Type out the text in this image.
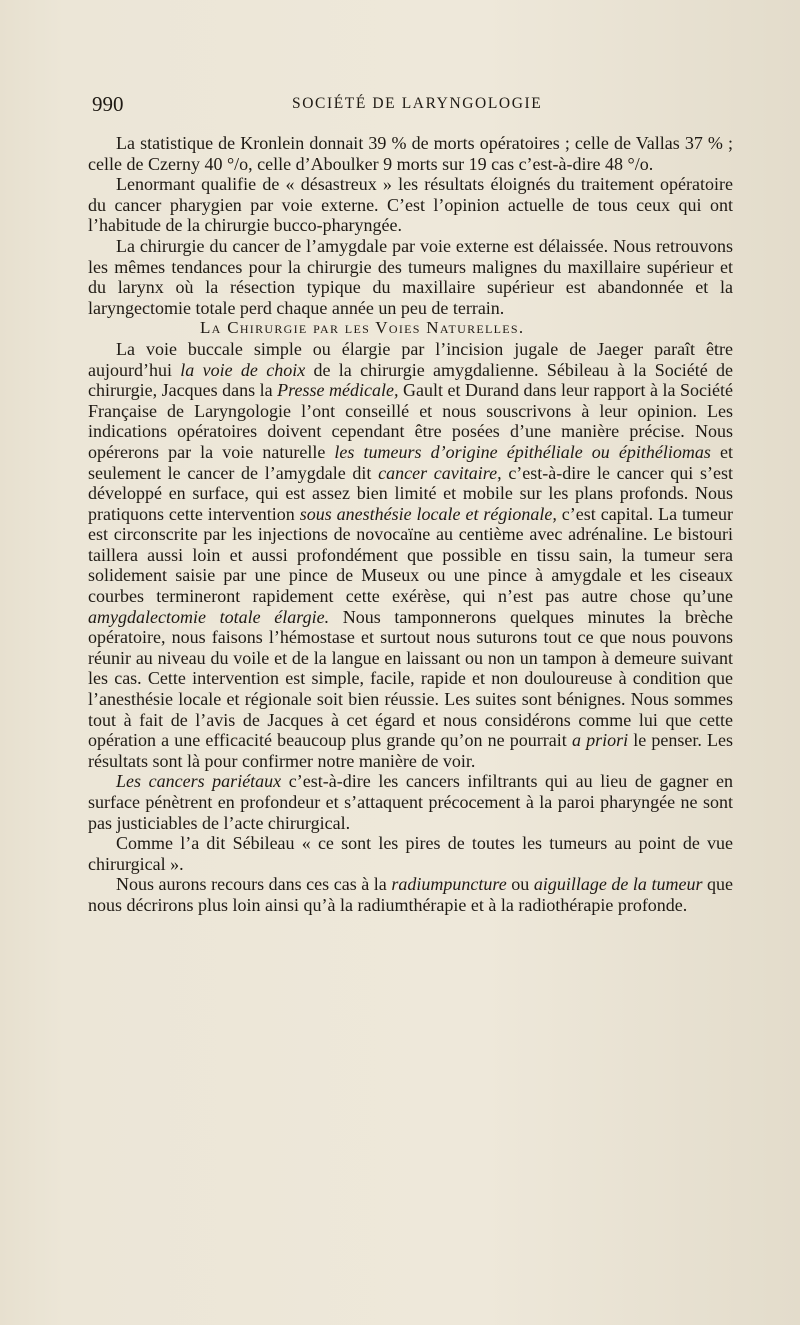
990	SOCIÉTÉ DE LARYNGOLOGIE

La statistique de Kronlein donnait 39 % de morts opératoires ; celle de Vallas 37 % ; celle de Czerny 40 °/o, celle d’Aboulker 9 morts sur 19 cas c’est-à-dire 48 °/o.

Lenormant qualifie de « désastreux » les résultats éloignés du traitement opératoire du cancer pharygien par voie externe. C’est l’opinion actuelle de tous ceux qui ont l’habitude de la chirurgie bucco-pharyngée.

La chirurgie du cancer de l’amygdale par voie externe est délaissée. Nous retrouvons les mêmes tendances pour la chirurgie des tumeurs malignes du maxillaire supérieur et du larynx où la résection typique du maxillaire supérieur est abandonnée et la laryngectomie totale perd chaque année un peu de terrain.

La Chirurgie par les Voies Naturelles.

La voie buccale simple ou élargie par l’incision jugale de Jaeger paraît être aujourd’hui la voie de choix de la chirurgie amygdalienne. Sébileau à la Société de chirurgie, Jacques dans la Presse médicale, Gault et Durand dans leur rapport à la Société Française de Laryngologie l’ont conseillé et nous souscrivons à leur opinion. Les indications opératoires doivent cependant être posées d’une manière précise. Nous opérerons par la voie naturelle les tumeurs d’origine épithéliale ou épithéliomas et seulement le cancer de l’amygdale dit cancer cavitaire, c’est-à-dire le cancer qui s’est développé en surface, qui est assez bien limité et mobile sur les plans profonds. Nous pratiquons cette intervention sous anesthésie locale et régionale, c’est capital. La tumeur est circonscrite par les injections de novocaïne au centième avec adrénaline. Le bistouri taillera aussi loin et aussi profondément que possible en tissu sain, la tumeur sera solidement saisie par une pince de Museux ou une pince à amygdale et les ciseaux courbes termineront rapidement cette exérèse, qui n’est pas autre chose qu’une amygdalectomie totale élargie. Nous tamponnerons quelques minutes la brèche opératoire, nous faisons l’hémostase et surtout nous suturons tout ce que nous pouvons réunir au niveau du voile et de la langue en laissant ou non un tampon à demeure suivant les cas. Cette intervention est simple, facile, rapide et non douloureuse à condition que l’anesthésie locale et régionale soit bien réussie. Les suites sont bénignes. Nous sommes tout à fait de l’avis de Jacques à cet égard et nous considérons comme lui que cette opération a une efficacité beaucoup plus grande qu’on ne pourrait a priori le penser. Les résultats sont là pour confirmer notre manière de voir.

Les cancers pariétaux c’est-à-dire les cancers infiltrants qui au lieu de gagner en surface pénètrent en profondeur et s’attaquent précocement à la paroi pharyngée ne sont pas justiciables de l’acte chirurgical.

Comme l’a dit Sébileau « ce sont les pires de toutes les tumeurs au point de vue chirurgical ».

Nous aurons recours dans ces cas à la radiumpuncture ou aiguillage de la tumeur que nous décrirons plus loin ainsi qu’à la radiumthérapie et à la radiothérapie profonde.
